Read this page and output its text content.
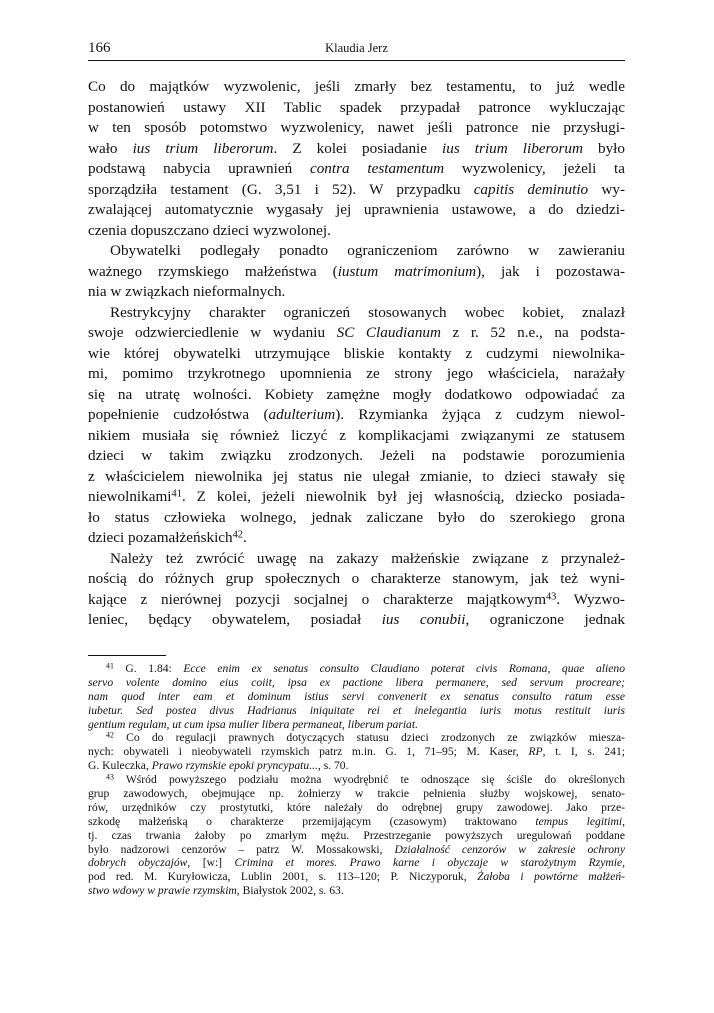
166	Klaudia Jerz
Co do majątków wyzwolenic, jeśli zmarły bez testamentu, to już wedle
postanowień ustawy XII Tablic spadek przypadał patronce wykluczając
w ten sposób potomstwo wyzwolenicy, nawet jeśli patronce nie przysługi-
wało ius trium liberorum. Z kolei posiadanie ius trium liberorum było
podstawą nabycia uprawnień contra testamentum wyzwolenicy, jeżeli ta
sporządziła testament (G. 3,51 i 52). W przypadku capitis deminutio wy-
zwalającej automatycznie wygasały jej uprawnienia ustawowe, a do dziedzi-
czenia dopuszczano dzieci wyzwolonej.
Obywatelki podlegały ponadto ograniczeniom zarówno w zawieraniu
ważnego rzymskiego małżeństwa (iustum matrimonium), jak i pozostawa-
nia w związkach nieformalnych.
Restrykcyjny charakter ograniczeń stosowanych wobec kobiet, znalazł
swoje odzwierciedlenie w wydaniu SC Claudianum z r. 52 n.e., na podsta-
wie której obywatelki utrzymujące bliskie kontakty z cudzymi niewolnika-
mi, pomimo trzykrotnego upomnienia ze strony jego właściciela, narażały
się na utratę wolności. Kobiety zamężne mogły dodatkowo odpowiadać za
popełnienie cudzołóstwa (adulterium). Rzymianka żyjąca z cudzym niewol-
nikiem musiała się również liczyć z komplikacjami związanymi ze statusem
dzieci w takim związku zrodzonych. Jeżeli na podstawie porozumienia
z właścicielem niewolnika jej status nie ulegał zmianie, to dzieci stawały się
niewolnikami$^{41}$. Z kolei, jeżeli niewolnik był jej własnością, dziecko posiada-
ło status człowieka wolnego, jednak zaliczane było do szerokiego grona
dzieci pozamałżeńskich$^{42}$.
Należy też zwrócić uwagę na zakazy małżeńskie związane z przynależ-
nością do różnych grup społecznych o charakterze stanowym, jak też wyni-
kające z nierównej pozycji socjalnej o charakterze majątkowym$^{43}$. Wyzwo-
leniec, będący obywatelem, posiadał ius conubii, ograniczone jednak
$^{41}$ G. 1.84: Ecce enim ex senatus consulto Claudiano poterat civis Romana, quae alieno
servo volente domino eius coiit, ipsa ex pactione libera permanere, sed servum procreare;
nam quod inter eam et dominum istius servi convenerit ex senatus consulto ratum esse
iubetur. Sed postea divus Hadrianus iniquitate rei et inelegantia iuris motus restituit iuris
gentium regulam, ut cum ipsa mulier libera permaneat, liberum pariat.
$^{42}$ Co do regulacji prawnych dotyczących statusu dzieci zrodzonych ze związków miesza-
nych: obywateli i nieobywateli rzymskich patrz m.in. G. 1, 71–95; M. Kaser, RP, t. I, s. 241;
G. Kuleczka, Prawo rzymskie epoki pryncypatu..., s. 70.
$^{43}$ Wśród powyższego podziału można wyodrębnić te odnoszące się ściśle do określonych
grup zawodowych, obejmujące np. żołnierzy w trakcie pełnienia służby wojskowej, senato-
rów, urzędników czy prostytutki, które należały do odrębnej grupy zawodowej. Jako prze-
szkodę małżeńską o charakterze przemijającym (czasowym) traktowano tempus legitimi,
tj. czas trwania żałoby po zmarłym mężu. Przestrzeganie powyższych uregulowań poddane
było nadzorowi cenzorów – patrz W. Mossakowski, Działalność cenzorów w zakresie ochrony
dobrych obyczajów, [w:] Crimina et mores. Prawo karne i obyczaje w starożytnym Rzymie,
pod red. M. Kuryłowicza, Lublin 2001, s. 113–120; P. Niczyporuk, Żałoba i powtórne małżeń-
stwo wdowy w prawie rzymskim, Białystok 2002, s. 63.
